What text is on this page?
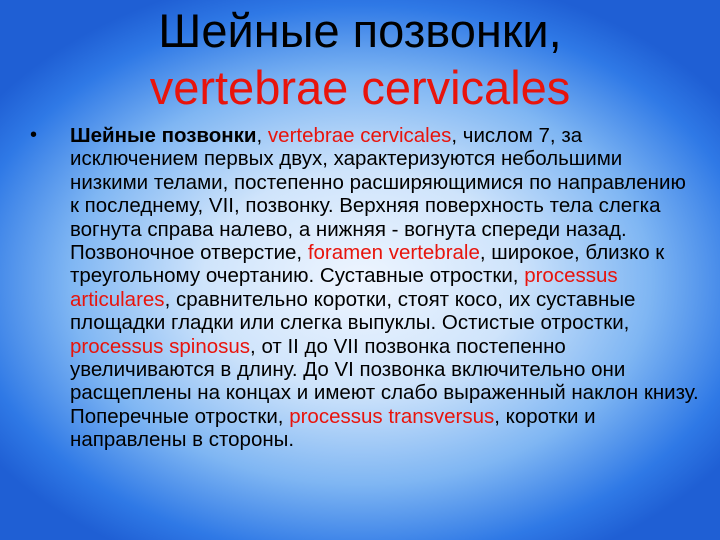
Шейные позвонки,
vertebrae cervicales
• Шейные позвонки, vertebrae cervicales, числом 7, за исключением первых двух, характеризуются небольшими низкими телами, постепенно расширяющимися по направлению к последнему, VII, позвонку. Верхняя поверхность тела слегка вогнута справа налево, а нижняя - вогнута спереди назад. Позвоночное отверстие, foramen vertebrale, широкое, близко к треугольному очертанию. Суставные отростки, processus articulares, сравнительно коротки, стоят косо, их суставные площадки гладки или слегка выпуклы. Остистые отростки, processus spinosus, от II до VII позвонка постепенно увеличиваются в длину. До VI позвонка включительно они расщеплены на концах и имеют слабо выраженный наклон книзу. Поперечные отростки, processus transversus, коротки и направлены в стороны.
